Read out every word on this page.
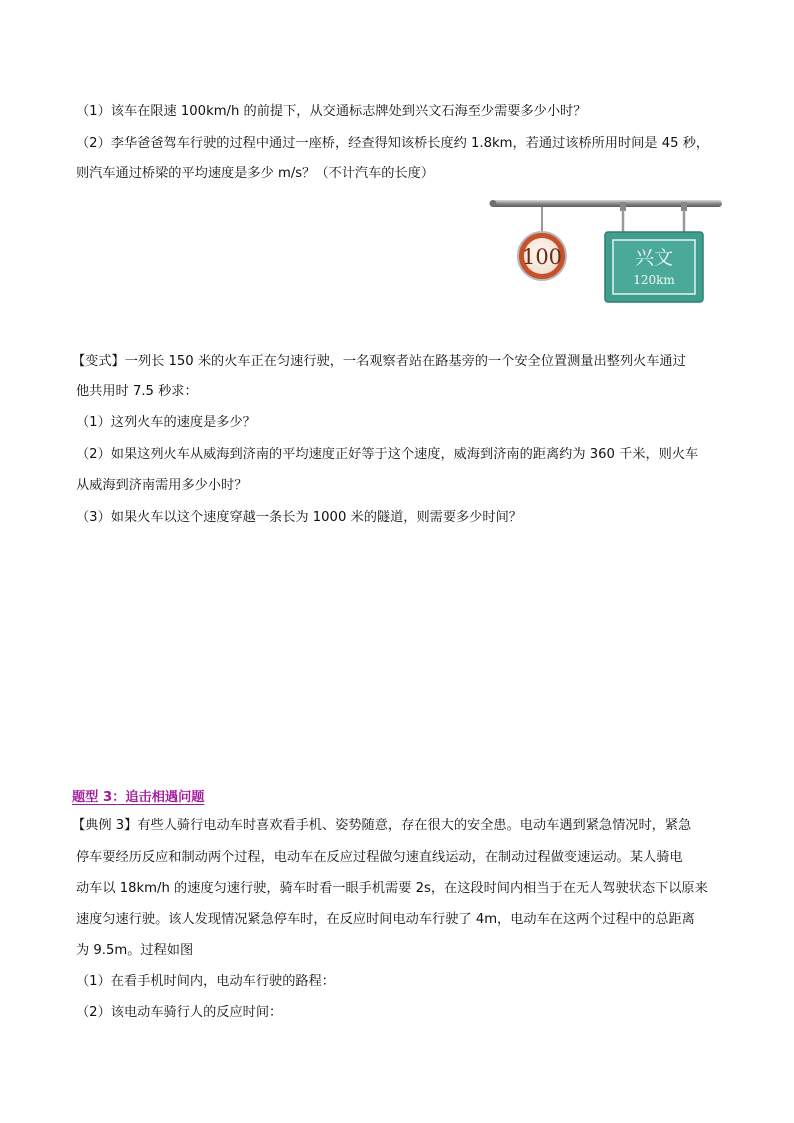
（1）该车在限速 100km/h 的前提下，从交通标志牌处到兴文石海至少需要多少小时？
（2）李华爸爸驾车行驶的过程中通过一座桥，经查得知该桥长度约 1.8km，若通过该桥所用时间是 45 秒，
则汽车通过桥梁的平均速度是多少 m/s？（不计汽车的长度）
100	兴文
120km
【变式】一列长 150 米的火车正在匀速行驶，一名观察者站在路基旁的一个安全位置测量出整列火车通过
他共用时 7.5 秒求：
（1）这列火车的速度是多少？
（2）如果这列火车从威海到济南的平均速度正好等于这个速度，威海到济南的距离约为 360 千米，则火车
从威海到济南需用多少小时？
（3）如果火车以这个速度穿越一条长为 1000 米的隧道，则需要多少时间？
题型 3：追击相遇问题
【典例 3】有些人骑行电动车时喜欢看手机、姿势随意，存在很大的安全患。电动车遇到紧急情况时，紧急
停车要经历反应和制动两个过程，电动车在反应过程做匀速直线运动，在制动过程做变速运动。某人骑电
动车以 18km/h 的速度匀速行驶，骑车时看一眼手机需要 2s，在这段时间内相当于在无人驾驶状态下以原来
速度匀速行驶。该人发现情况紧急停车时，在反应时间电动车行驶了 4m，电动车在这两个过程中的总距离
为 9.5m。过程如图
（1）在看手机时间内，电动车行驶的路程：
（2）该电动车骑行人的反应时间：
